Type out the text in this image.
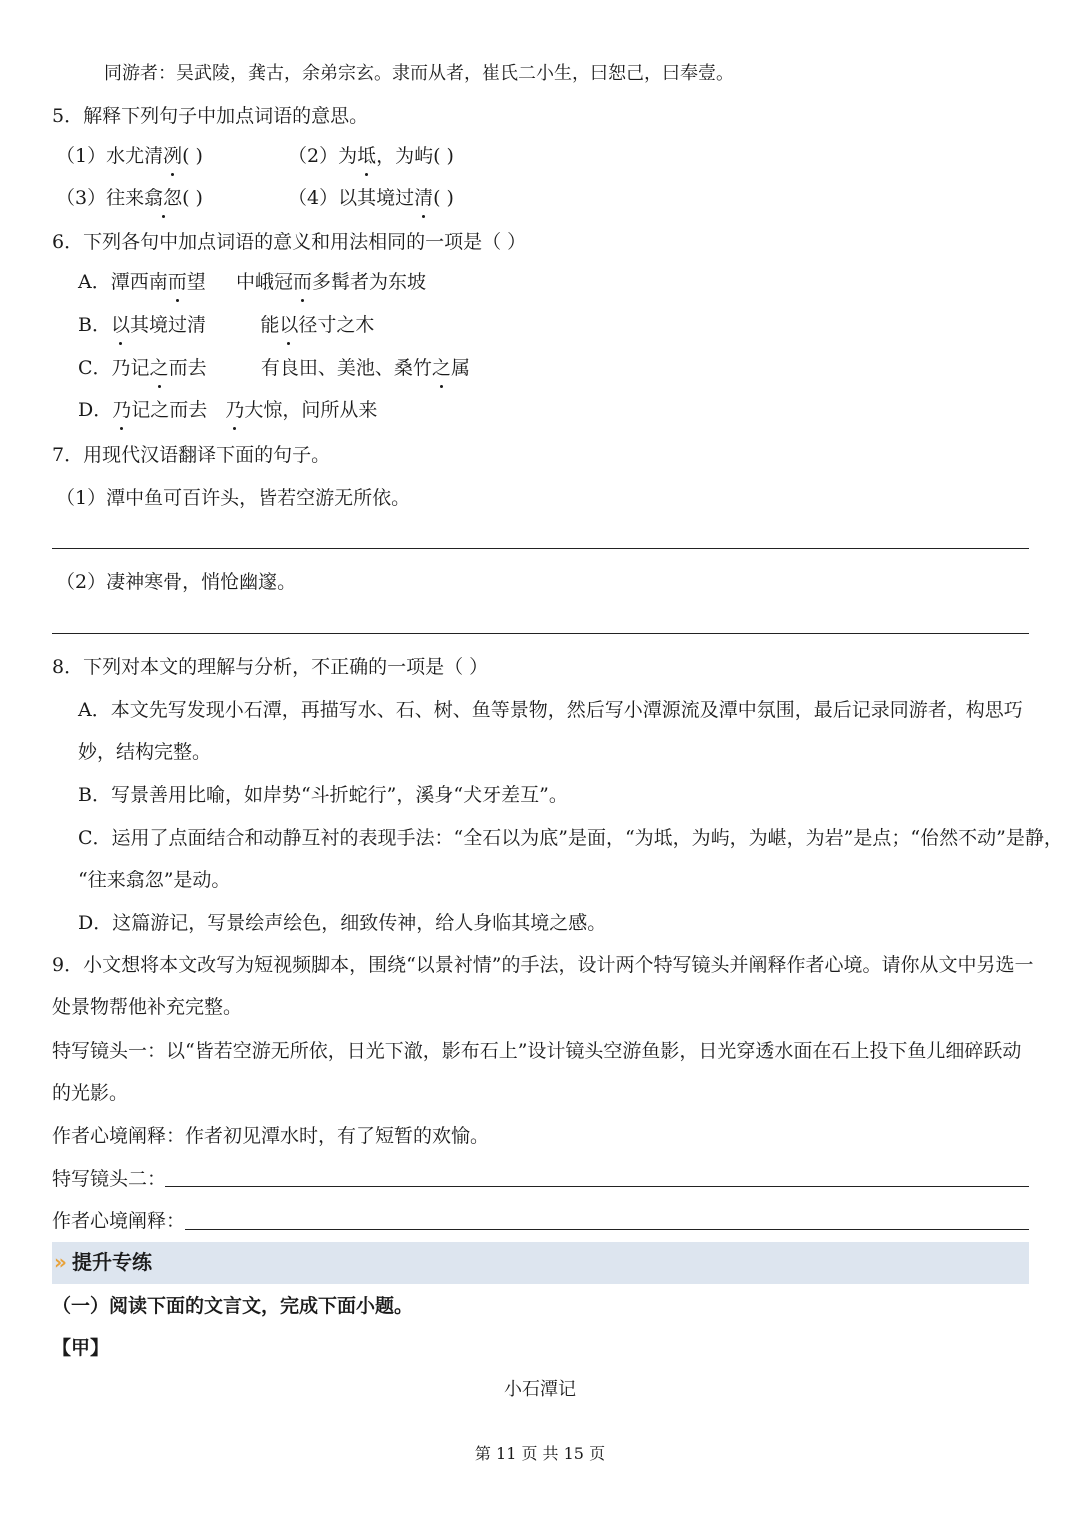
同游者：吴武陵，龚古，余弟宗玄。隶而从者，崔氏二小生，曰恕己，曰奉壹。
5．解释下列句子中加点词语的意思。
（1）水尤清冽( )	（2）为坻，为屿( )
（3）往来翕忽( )	（4）以其境过清( )
6．下列各句中加点词语的意义和用法相同的一项是（ ）
A．潭西南而望     中峨冠而多髯者为东坡
B．以其境过清         能以径寸之木
C．乃记之而去         有良田、美池、桑竹之属
D．乃记之而去   乃大惊，问所从来
7．用现代汉语翻译下面的句子。
（1）潭中鱼可百许头，皆若空游无所依。
（2）凄神寒骨，悄怆幽邃。
8．下列对本文的理解与分析，不正确的一项是（ ）
A．本文先写发现小石潭，再描写水、石、树、鱼等景物，然后写小潭源流及潭中氛围，最后记录同游者，构思巧
妙，结构完整。
B．写景善用比喻，如岸势“斗折蛇行”，溪身“犬牙差互”。
C．运用了点面结合和动静互衬的表现手法：“全石以为底”是面，“为坻，为屿，为嵁，为岩”是点；“佁然不动”是静，
“往来翕忽”是动。
D．这篇游记，写景绘声绘色，细致传神，给人身临其境之感。
9．小文想将本文改写为短视频脚本，围绕“以景衬情”的手法，设计两个特写镜头并阐释作者心境。请你从文中另选一
处景物帮他补充完整。
特写镜头一：以“皆若空游无所依，日光下澈，影布石上”设计镜头空游鱼影，日光穿透水面在石上投下鱼儿细碎跃动
的光影。
作者心境阐释：作者初见潭水时，有了短暂的欢愉。
特写镜头二：
作者心境阐释：
» 提升专练
（一）阅读下面的文言文，完成下面小题。
【甲】
小石潭记
第 11 页 共 15 页
